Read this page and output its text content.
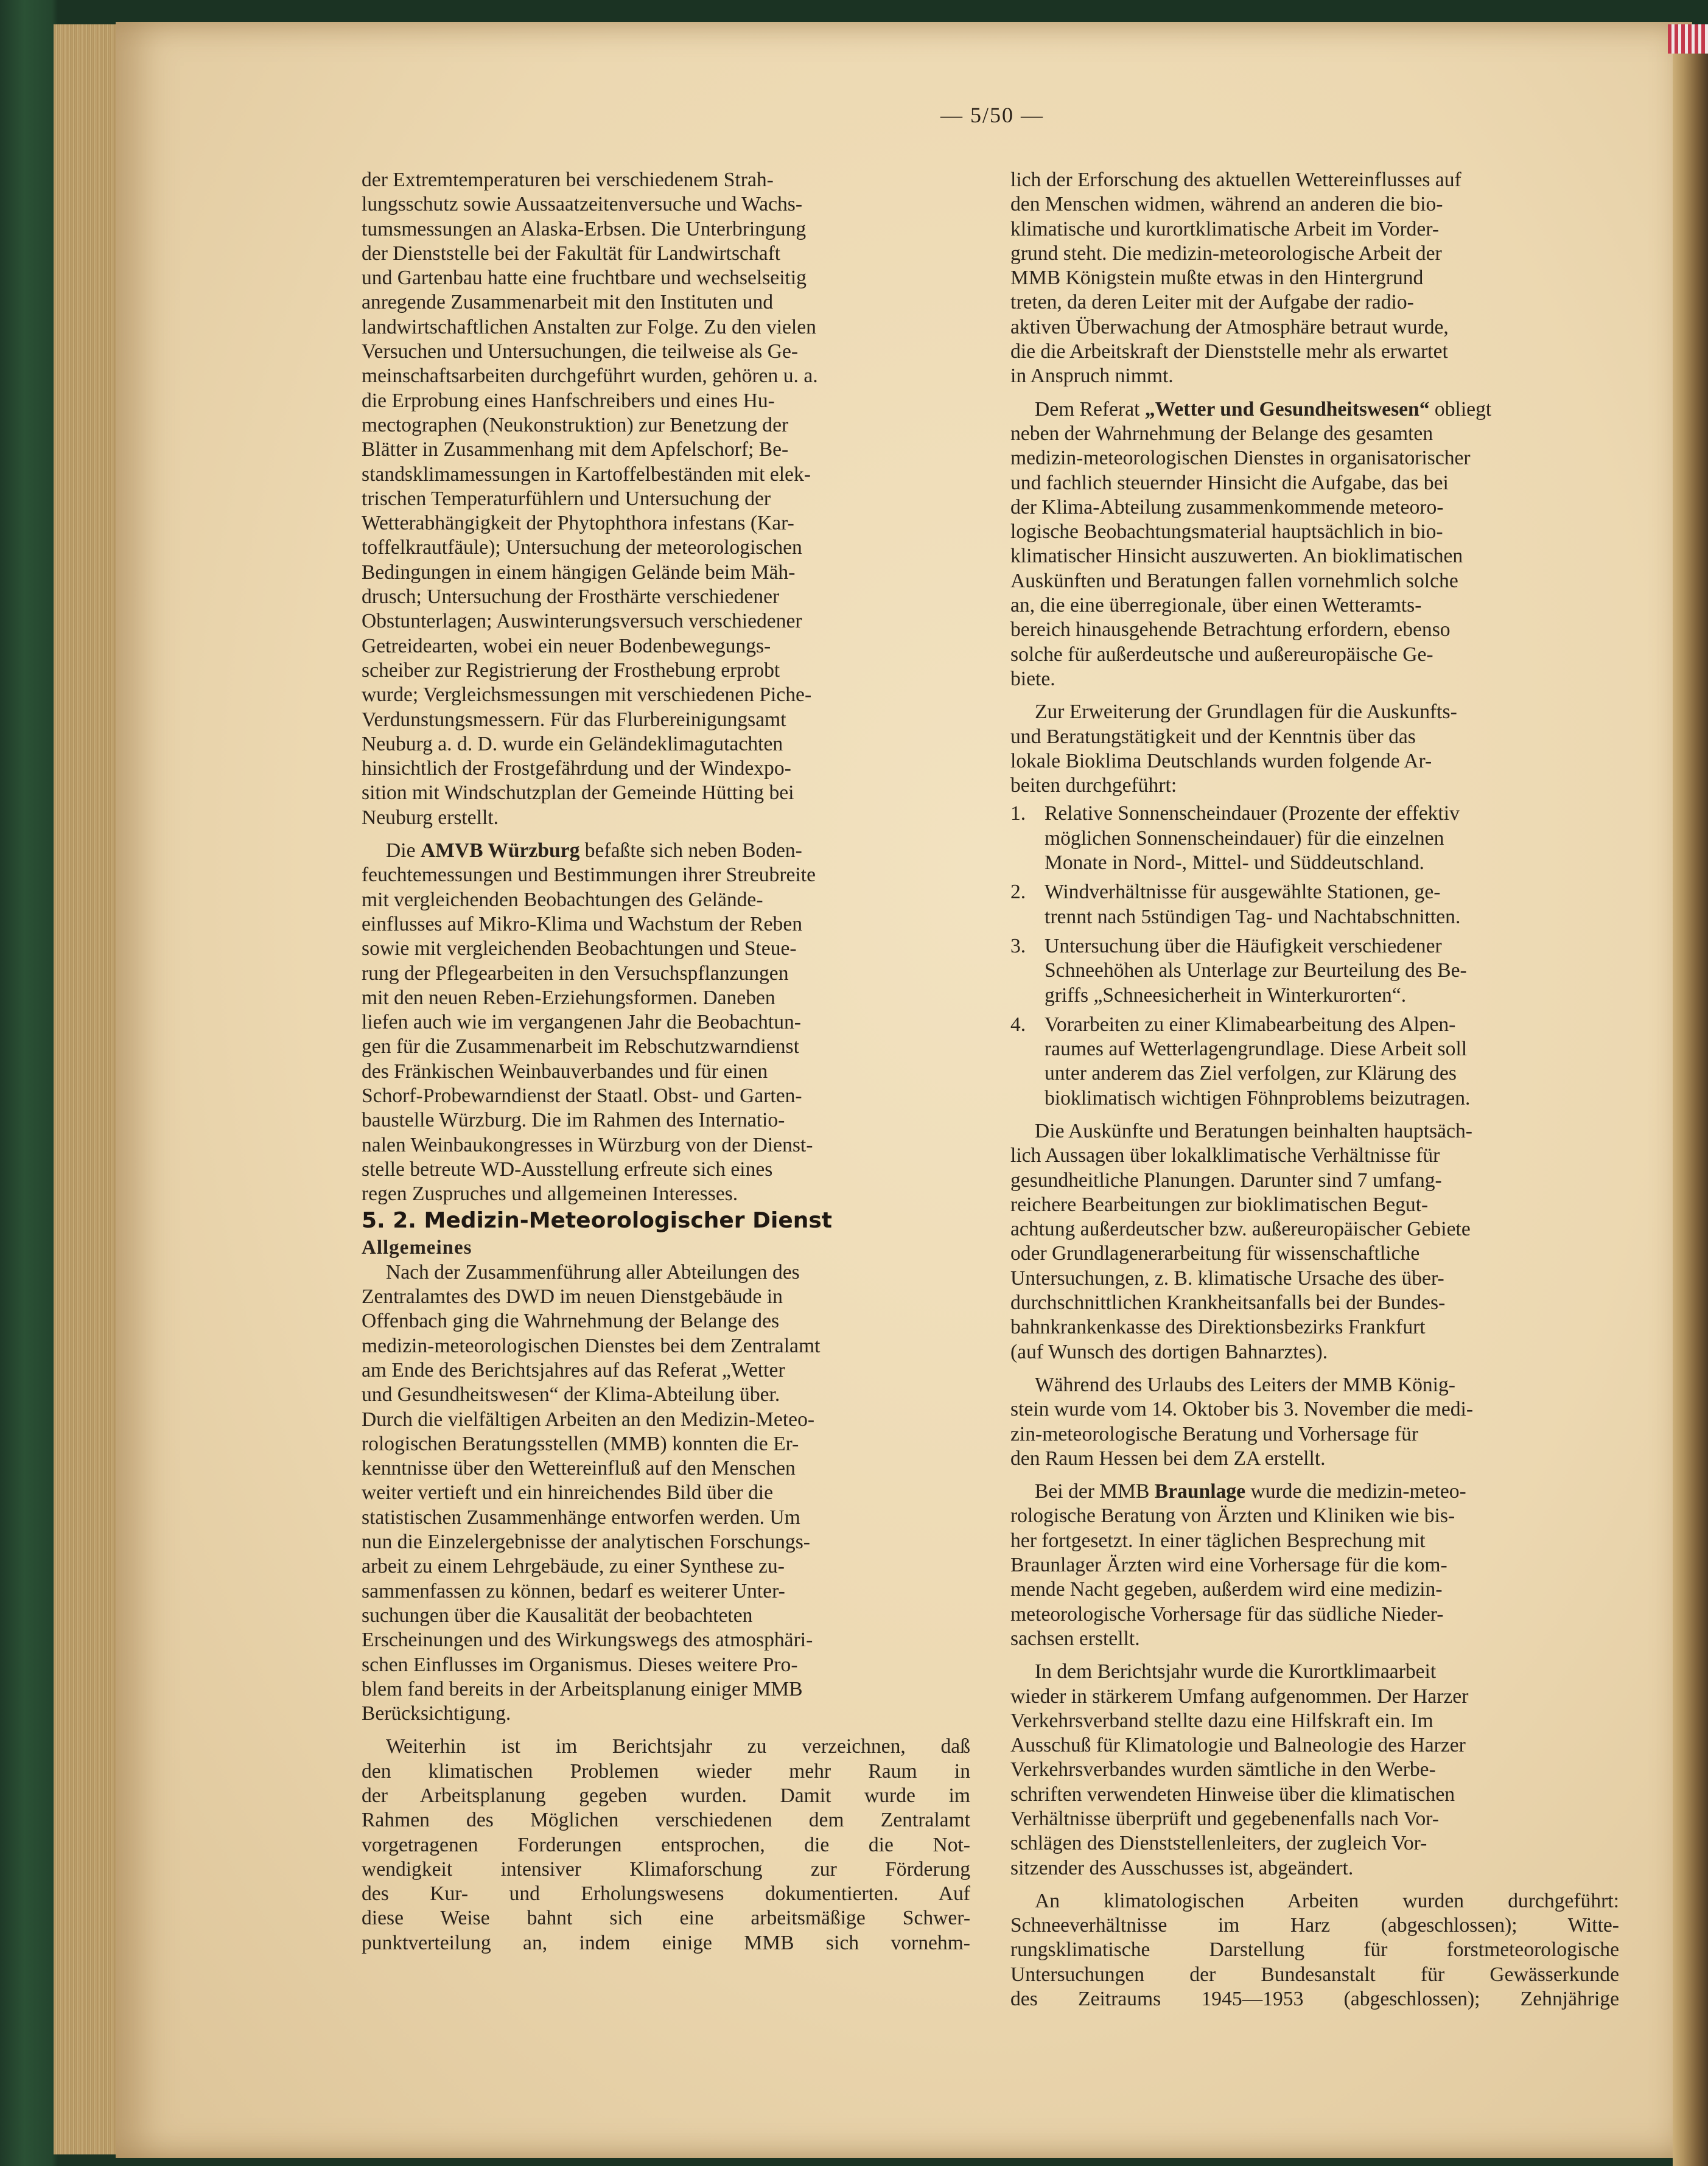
— 5/50 —

der Extremtemperaturen bei verschiedenem Strah-
lungsschutz sowie Aussaatzeitenversuche und Wachs-
tumsmessungen an Alaska-Erbsen. Die Unterbringung
der Dienststelle bei der Fakultät für Landwirtschaft
und Gartenbau hatte eine fruchtbare und wechselseitig
anregende Zusammenarbeit mit den Instituten und
landwirtschaftlichen Anstalten zur Folge. Zu den vielen
Versuchen und Untersuchungen, die teilweise als Ge-
meinschaftsarbeiten durchgeführt wurden, gehören u. a.
die Erprobung eines Hanfschreibers und eines Hu-
mectographen (Neukonstruktion) zur Benetzung der
Blätter in Zusammenhang mit dem Apfelschorf; Be-
standsklimamessungen in Kartoffelbeständen mit elek-
trischen Temperaturfühlern und Untersuchung der
Wetterabhängigkeit der Phytophthora infestans (Kar-
toffelkrautfäule); Untersuchung der meteorologischen
Bedingungen in einem hängigen Gelände beim Mäh-
drusch; Untersuchung der Frosthärte verschiedener
Obstunterlagen; Auswinterungsversuch verschiedener
Getreidearten, wobei ein neuer Bodenbewegungs-
scheiber zur Registrierung der Frosthebung erprobt
wurde; Vergleichsmessungen mit verschiedenen Piche-
Verdunstungsmessern. Für das Flurbereinigungsamt
Neuburg a. d. D. wurde ein Geländeklimagutachten
hinsichtlich der Frostgefährdung und der Windexpo-
sition mit Windschutzplan der Gemeinde Hütting bei
Neuburg erstellt.

Die AMVB Würzburg befaßte sich neben Boden-
feuchtemessungen und Bestimmungen ihrer Streubreite
mit vergleichenden Beobachtungen des Gelände-
einflusses auf Mikro-Klima und Wachstum der Reben
sowie mit vergleichenden Beobachtungen und Steue-
rung der Pflegearbeiten in den Versuchspflanzungen
mit den neuen Reben-Erziehungsformen. Daneben
liefen auch wie im vergangenen Jahr die Beobachtun-
gen für die Zusammenarbeit im Rebschutzwarndienst
des Fränkischen Weinbauverbandes und für einen
Schorf-Probewarndienst der Staatl. Obst- und Garten-
baustelle Würzburg. Die im Rahmen des Internatio-
nalen Weinbaukongresses in Würzburg von der Dienst-
stelle betreute WD-Ausstellung erfreute sich eines
regen Zuspruches und allgemeinen Interesses.

5. 2. Medizin-Meteorologischer Dienst

Allgemeines

Nach der Zusammenführung aller Abteilungen des
Zentralamtes des DWD im neuen Dienstgebäude in
Offenbach ging die Wahrnehmung der Belange des
medizin-meteorologischen Dienstes bei dem Zentralamt
am Ende des Berichtsjahres auf das Referat „Wetter
und Gesundheitswesen“ der Klima-Abteilung über.
Durch die vielfältigen Arbeiten an den Medizin-Meteo-
rologischen Beratungsstellen (MMB) konnten die Er-
kenntnisse über den Wettereinfluß auf den Menschen
weiter vertieft und ein hinreichendes Bild über die
statistischen Zusammenhänge entworfen werden. Um
nun die Einzelergebnisse der analytischen Forschungs-
arbeit zu einem Lehrgebäude, zu einer Synthese zu-
sammenfassen zu können, bedarf es weiterer Unter-
suchungen über die Kausalität der beobachteten
Erscheinungen und des Wirkungswegs des atmosphäri-
schen Einflusses im Organismus. Dieses weitere Pro-
blem fand bereits in der Arbeitsplanung einiger MMB
Berücksichtigung.

Weiterhin ist im Berichtsjahr zu verzeichnen, daß
den klimatischen Problemen wieder mehr Raum in
der Arbeitsplanung gegeben wurden. Damit wurde im
Rahmen des Möglichen verschiedenen dem Zentralamt
vorgetragenen Forderungen entsprochen, die die Not-
wendigkeit intensiver Klimaforschung zur Förderung
des Kur- und Erholungswesens dokumentierten. Auf
diese Weise bahnt sich eine arbeitsmäßige Schwer-
punktverteilung an, indem einige MMB sich vornehm-

lich der Erforschung des aktuellen Wettereinflusses auf
den Menschen widmen, während an anderen die bio-
klimatische und kurortklimatische Arbeit im Vorder-
grund steht. Die medizin-meteorologische Arbeit der
MMB Königstein mußte etwas in den Hintergrund
treten, da deren Leiter mit der Aufgabe der radio-
aktiven Überwachung der Atmosphäre betraut wurde,
die die Arbeitskraft der Dienststelle mehr als erwartet
in Anspruch nimmt.

Dem Referat „Wetter und Gesundheitswesen“ obliegt
neben der Wahrnehmung der Belange des gesamten
medizin-meteorologischen Dienstes in organisatorischer
und fachlich steuernder Hinsicht die Aufgabe, das bei
der Klima-Abteilung zusammenkommende meteoro-
logische Beobachtungsmaterial hauptsächlich in bio-
klimatischer Hinsicht auszuwerten. An bioklimatischen
Auskünften und Beratungen fallen vornehmlich solche
an, die eine überregionale, über einen Wetteramts-
bereich hinausgehende Betrachtung erfordern, ebenso
solche für außerdeutsche und außereuropäische Ge-
biete.

Zur Erweiterung der Grundlagen für die Auskunfts-
und Beratungstätigkeit und der Kenntnis über das
lokale Bioklima Deutschlands wurden folgende Ar-
beiten durchgeführt:

1. Relative Sonnenscheindauer (Prozente der effektiv
möglichen Sonnenscheindauer) für die einzelnen
Monate in Nord-, Mittel- und Süddeutschland.
2. Windverhältnisse für ausgewählte Stationen, ge-
trennt nach 5stündigen Tag- und Nachtabschnitten.
3. Untersuchung über die Häufigkeit verschiedener
Schneehöhen als Unterlage zur Beurteilung des Be-
griffs „Schneesicherheit in Winterkurorten“.
4. Vorarbeiten zu einer Klimabearbeitung des Alpen-
raumes auf Wetterlagengrundlage. Diese Arbeit soll
unter anderem das Ziel verfolgen, zur Klärung des
bioklimatisch wichtigen Föhnproblems beizutragen.

Die Auskünfte und Beratungen beinhalten hauptsäch-
lich Aussagen über lokalklimatische Verhältnisse für
gesundheitliche Planungen. Darunter sind 7 umfang-
reichere Bearbeitungen zur bioklimatischen Begut-
achtung außerdeutscher bzw. außereuropäischer Gebiete
oder Grundlagenerarbeitung für wissenschaftliche
Untersuchungen, z. B. klimatische Ursache des über-
durchschnittlichen Krankheitsanfalls bei der Bundes-
bahnkrankenkasse des Direktionsbezirks Frankfurt
(auf Wunsch des dortigen Bahnarztes).

Während des Urlaubs des Leiters der MMB König-
stein wurde vom 14. Oktober bis 3. November die medi-
zin-meteorologische Beratung und Vorhersage für
den Raum Hessen bei dem ZA erstellt.

Bei der MMB Braunlage wurde die medizin-meteo-
rologische Beratung von Ärzten und Kliniken wie bis-
her fortgesetzt. In einer täglichen Besprechung mit
Braunlager Ärzten wird eine Vorhersage für die kom-
mende Nacht gegeben, außerdem wird eine medizin-
meteorologische Vorhersage für das südliche Nieder-
sachsen erstellt.

In dem Berichtsjahr wurde die Kurortklimaarbeit
wieder in stärkerem Umfang aufgenommen. Der Harzer
Verkehrsverband stellte dazu eine Hilfskraft ein. Im
Ausschuß für Klimatologie und Balneologie des Harzer
Verkehrsverbandes wurden sämtliche in den Werbe-
schriften verwendeten Hinweise über die klimatischen
Verhältnisse überprüft und gegebenenfalls nach Vor-
schlägen des Dienststellenleiters, der zugleich Vor-
sitzender des Ausschusses ist, abgeändert.

An klimatologischen Arbeiten wurden durchgeführt:
Schneeverhältnisse im Harz (abgeschlossen); Witte-
rungsklimatische Darstellung für forstmeteorologische
Untersuchungen der Bundesanstalt für Gewässerkunde
des Zeitraums 1945—1953 (abgeschlossen); Zehnjährige
